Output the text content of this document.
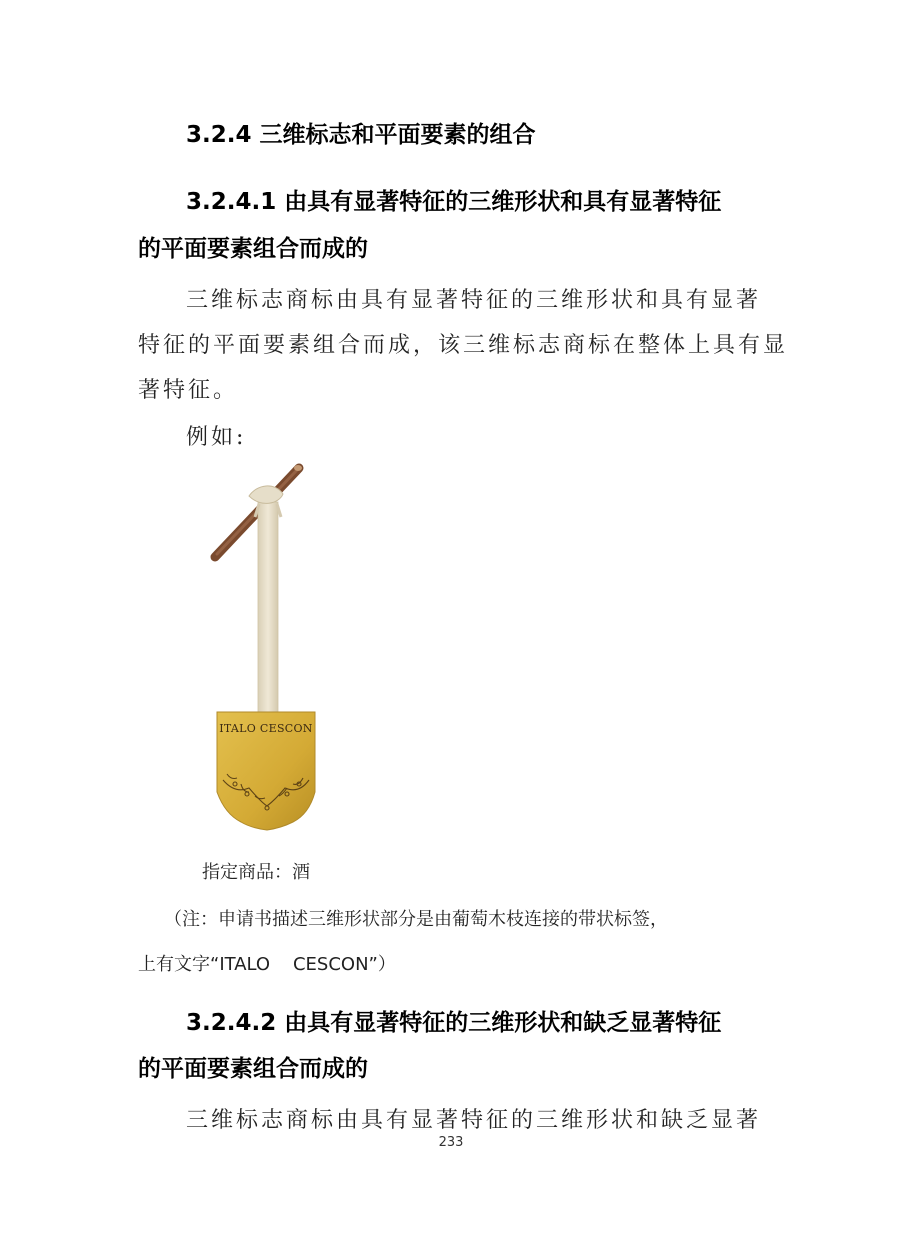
3.2.4 三维标志和平面要素的组合
3.2.4.1 由具有显著特征的三维形状和具有显著特征
的平面要素组合而成的
三维标志商标由具有显著特征的三维形状和具有显著
特征的平面要素组合而成，该三维标志商标在整体上具有显
著特征。
例如:
ITALO CESCON
指定商品：酒
（注：申请书描述三维形状部分是由葡萄木枝连接的带状标签，
上有文字“ITALO    CESCON”）
3.2.4.2 由具有显著特征的三维形状和缺乏显著特征
的平面要素组合而成的
三维标志商标由具有显著特征的三维形状和缺乏显著
233
